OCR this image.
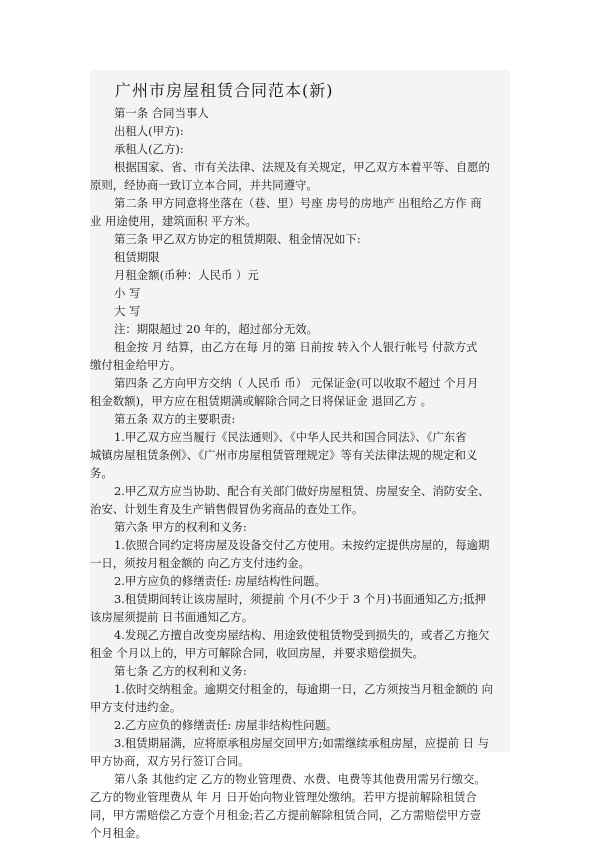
广州市房屋租赁合同范本(新)
第一条 合同当事人
出租人(甲方):
承租人(乙方):
根据国家、省、市有关法律、法规及有关规定，甲乙双方本着平等、自愿的
原则，经协商一致订立本合同，并共同遵守。
第二条 甲方同意将坐落在（巷、里）号座 房号的房地产 出租给乙方作 商
业 用途使用，建筑面积 平方米。
第三条 甲乙双方协定的租赁期限、租金情况如下:
租赁期限
月租金额(币种：人民币 ）元
小 写
大 写
注：期限超过 20 年的，超过部分无效。
租金按 月 结算，由乙方在每 月的第 日前按 转入个人银行帐号 付款方式
缴付租金给甲方。
第四条 乙方向甲方交纳（ 人民币 币） 元保证金(可以收取不超过 个月月
租金数额)，甲方应在租赁期满或解除合同之日将保证金 退回乙方 。
第五条 双方的主要职责:
1.甲乙双方应当履行《民法通则》、《中华人民共和国合同法》、《广东省
城镇房屋租赁条例》、《广州市房屋租赁管理规定》等有关法律法规的规定和义
务。
2.甲乙双方应当协助、配合有关部门做好房屋租赁、房屋安全、消防安全、
治安、计划生育及生产销售假冒伪劣商品的查处工作。
第六条 甲方的权利和义务:
1.依照合同约定将房屋及设备交付乙方使用。未按约定提供房屋的，每逾期
一日，须按月租金额的 向乙方支付违约金。
2.甲方应负的修缮责任: 房屋结构性问题。
3.租赁期间转让该房屋时，须提前 个月(不少于 3 个月)书面通知乙方;抵押
该房屋须提前 日书面通知乙方。
4.发现乙方擅自改变房屋结构、用途致使租赁物受到损失的，或者乙方拖欠
租金 个月以上的，甲方可解除合同，收回房屋，并要求赔偿损失。
第七条 乙方的权利和义务:
1.依时交纳租金。逾期交付租金的，每逾期一日，乙方须按当月租金额的 向
甲方支付违约金。
2.乙方应负的修缮责任: 房屋非结构性问题。
3.租赁期届满，应将原承租房屋交回甲方;如需继续承租房屋，应提前 日 与
甲方协商，双方另行签订合同。
第八条 其他约定 乙方的物业管理费、水费、电费等其他费用需另行缴交。
乙方的物业管理费从 年 月 日开始向物业管理处缴纳。若甲方提前解除租赁合
同，甲方需赔偿乙方壹个月租金;若乙方提前解除租赁合同，乙方需赔偿甲方壹
个月租金。
